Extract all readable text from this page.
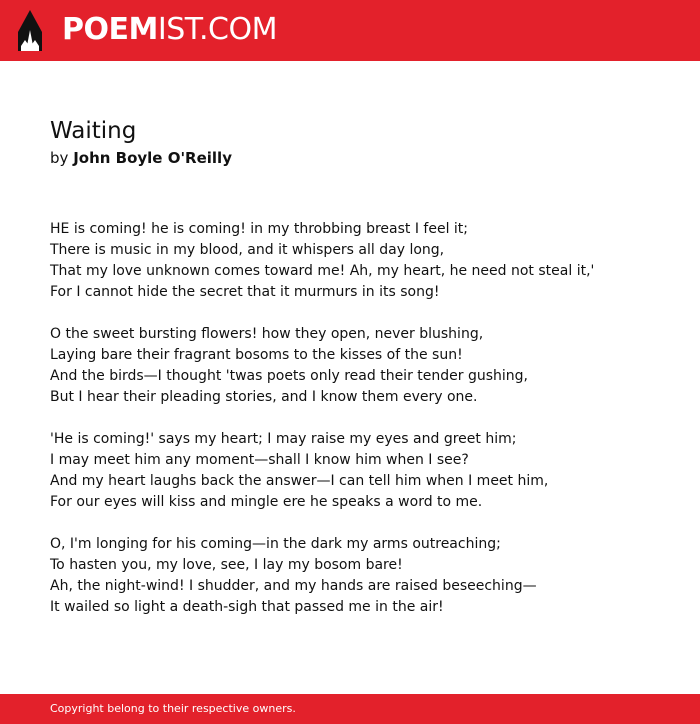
POEMIST.COM
Waiting
by John Boyle O'Reilly
HE is coming! he is coming! in my throbbing breast I feel it;
There is music in my blood, and it whispers all day long,
That my love unknown comes toward me! Ah, my heart, he need not steal it,'
For I cannot hide the secret that it murmurs in its song!
O the sweet bursting flowers! how they open, never blushing,
Laying bare their fragrant bosoms to the kisses of the sun!
And the birds—I thought 'twas poets only read their tender gushing,
But I hear their pleading stories, and I know them every one.
'He is coming!' says my heart; I may raise my eyes and greet him;
I may meet him any moment—shall I know him when I see?
And my heart laughs back the answer—I can tell him when I meet him,
For our eyes will kiss and mingle ere he speaks a word to me.
O, I'm longing for his coming—in the dark my arms outreaching;
To hasten you, my love, see, I lay my bosom bare!
Ah, the night-wind! I shudder, and my hands are raised beseeching—
It wailed so light a death-sigh that passed me in the air!
Copyright belong to their respective owners.
